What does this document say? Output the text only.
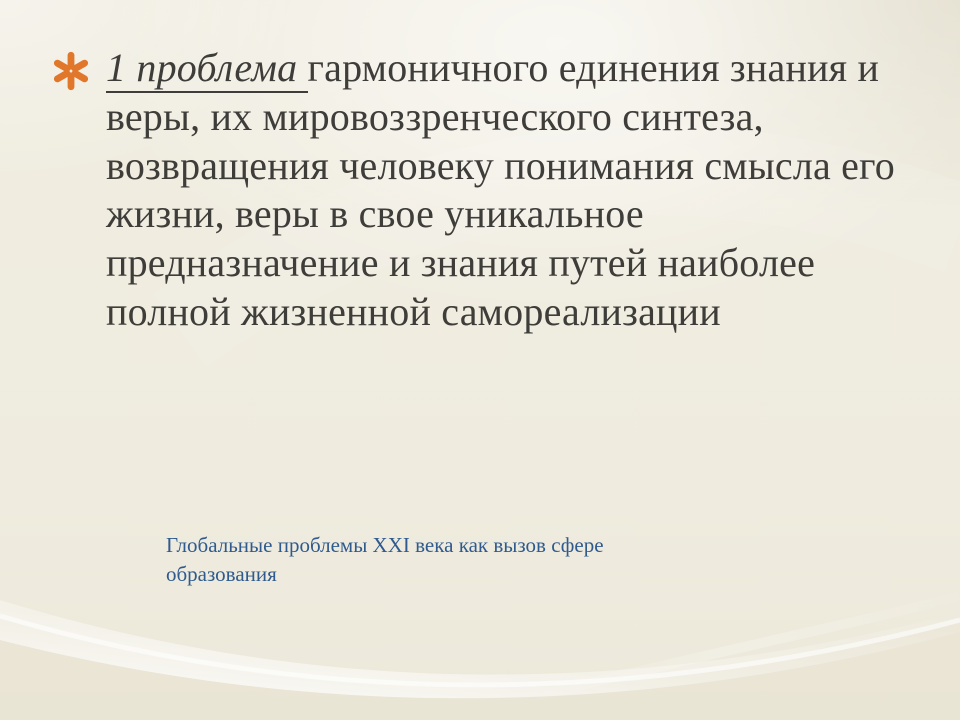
1 проблема гармоничного единения знания и веры, их мировоззренческого синтеза, возвращения человеку понимания смысла его жизни, веры в свое уникальное предназначение и знания путей наиболее полной жизненной самореализации

Глобальные проблемы XXI века как вызов сфере образования
